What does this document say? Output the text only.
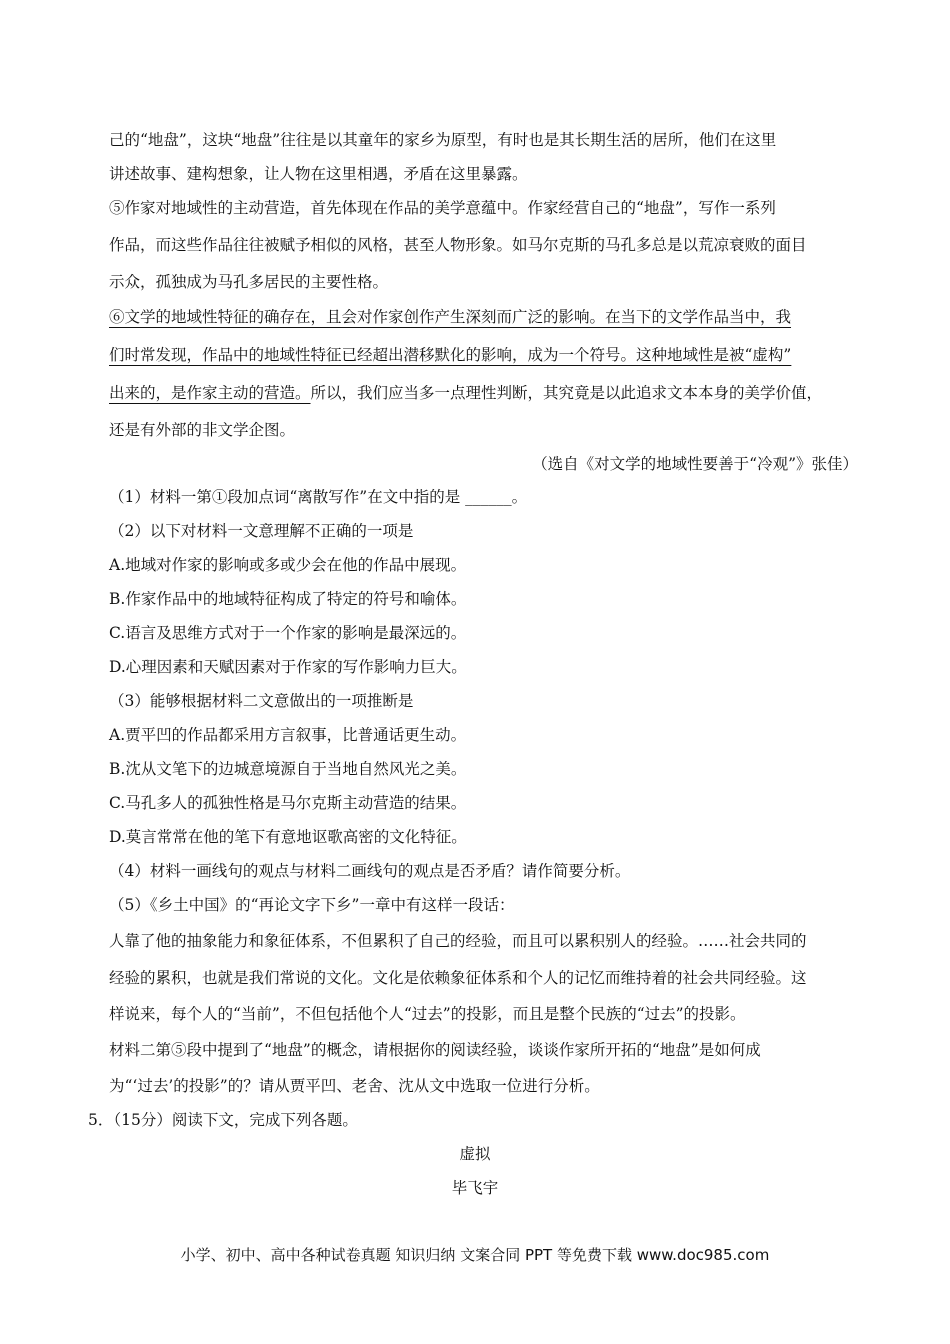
己的“地盘”，这块“地盘”往往是以其童年的家乡为原型，有时也是其长期生活的居所，他们在这里
讲述故事、建构想象，让人物在这里相遇，矛盾在这里暴露。
⑤作家对地域性的主动营造，首先体现在作品的美学意蕴中。作家经营自己的“地盘”，写作一系列
作品，而这些作品往往被赋予相似的风格，甚至人物形象。如马尔克斯的马孔多总是以荒凉衰败的面目
示众，孤独成为马孔多居民的主要性格。
⑥文学的地域性特征的确存在，且会对作家创作产生深刻而广泛的影响。在当下的文学作品当中，我
们时常发现，作品中的地域性特征已经超出潜移默化的影响，成为一个符号。这种地域性是被“虚构”
出来的，是作家主动的营造。所以，我们应当多一点理性判断，其究竟是以此追求文本本身的美学价值，
还是有外部的非文学企图。
（选自《对文学的地域性要善于“冷观”》张佳）
（1）材料一第①段加点词“离散写作”在文中指的是 ______。
（2）以下对材料一文意理解不正确的一项是
A.地域对作家的影响或多或少会在他的作品中展现。
B.作家作品中的地域特征构成了特定的符号和喻体。
C.语言及思维方式对于一个作家的影响是最深远的。
D.心理因素和天赋因素对于作家的写作影响力巨大。
（3）能够根据材料二文意做出的一项推断是
A.贾平凹的作品都采用方言叙事，比普通话更生动。
B.沈从文笔下的边城意境源自于当地自然风光之美。
C.马孔多人的孤独性格是马尔克斯主动营造的结果。
D.莫言常常在他的笔下有意地讴歌高密的文化特征。
（4）材料一画线句的观点与材料二画线句的观点是否矛盾？请作简要分析。
（5）《乡土中国》的“再论文字下乡”一章中有这样一段话：
人靠了他的抽象能力和象征体系，不但累积了自己的经验，而且可以累积别人的经验。……社会共同的
经验的累积，也就是我们常说的文化。文化是依赖象征体系和个人的记忆而维持着的社会共同经验。这
样说来，每个人的“当前”，不但包括他个人“过去”的投影，而且是整个民族的“过去”的投影。
材料二第⑤段中提到了“地盘”的概念，请根据你的阅读经验，谈谈作家所开拓的“地盘”是如何成
为“‘过去’的投影”的？请从贾平凹、老舍、沈从文中选取一位进行分析。
5．（15分）阅读下文，完成下列各题。
虚拟
毕飞宇
小学、初中、高中各种试卷真题 知识归纳 文案合同 PPT 等免费下载 www.doc985.com
